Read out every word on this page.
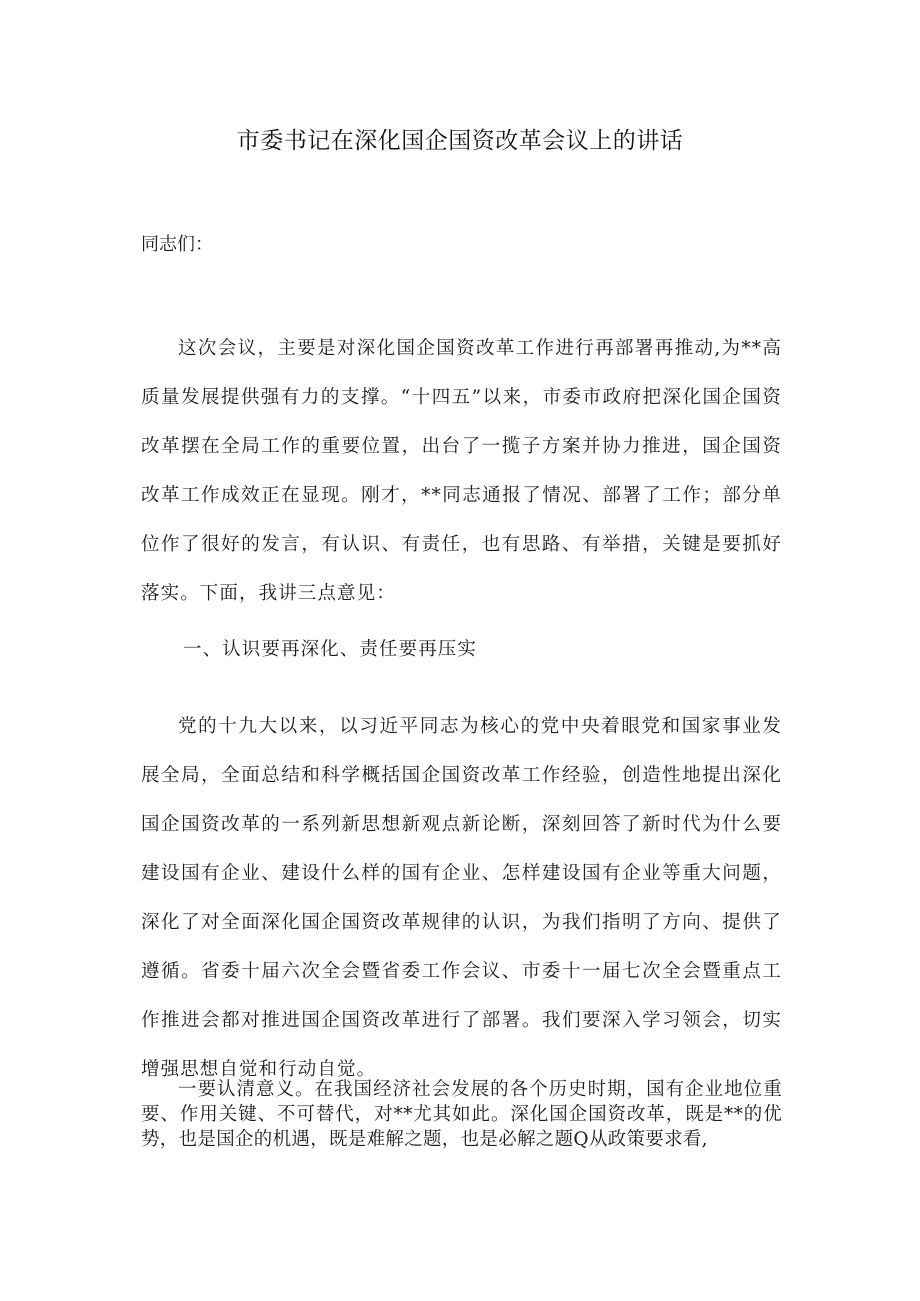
市委书记在深化国企国资改革会议上的讲话
同志们：
这次会议，主要是对深化国企国资改革工作进行再部署再推动,为**高质量发展提供强有力的支撑。“十四五”以来，市委市政府把深化国企国资改革摆在全局工作的重要位置，出台了一揽子方案并协力推进，国企国资改革工作成效正在显现。刚才，**同志通报了情况、部署了工作；部分单位作了很好的发言，有认识、有责任，也有思路、有举措，关键是要抓好落实。下面，我讲三点意见：
一、认识要再深化、责任要再压实
党的十九大以来，以习近平同志为核心的党中央着眼党和国家事业发展全局，全面总结和科学概括国企国资改革工作经验，创造性地提出深化国企国资改革的一系列新思想新观点新论断，深刻回答了新时代为什么要建设国有企业、建设什么样的国有企业、怎样建设国有企业等重大问题，深化了对全面深化国企国资改革规律的认识，为我们指明了方向、提供了遵循。省委十届六次全会暨省委工作会议、市委十一届七次全会暨重点工作推进会都对推进国企国资改革进行了部署。我们要深入学习领会，切实增强思想自觉和行动自觉。
一要认清意义。在我国经济社会发展的各个历史时期，国有企业地位重要、作用关键、不可替代，对**尤其如此。深化国企国资改革，既是**的优势，也是国企的机遇，既是难解之题，也是必解之题Q从政策要求看,
